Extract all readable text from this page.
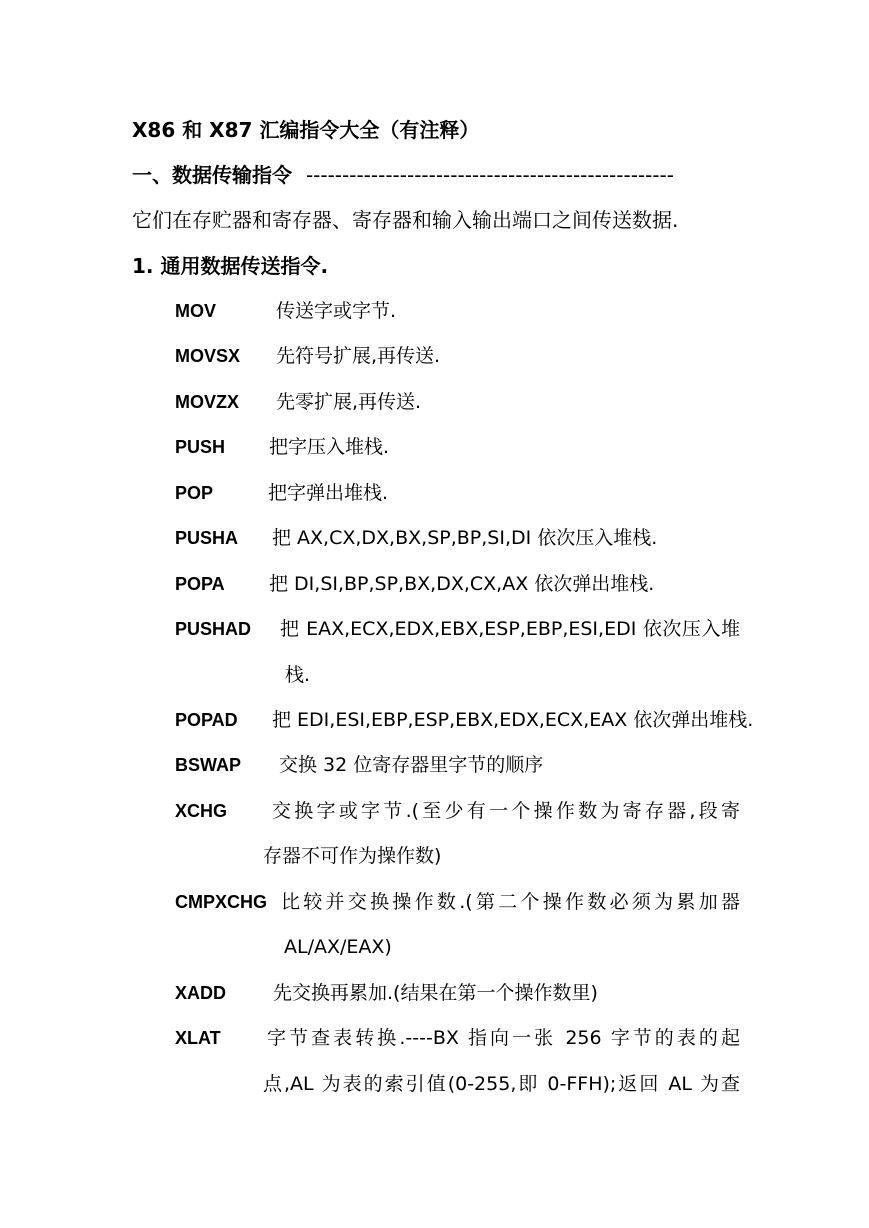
X86 和 X87 汇编指令大全（有注释）
一、数据传输指令 ---------------------------------------------------
它们在存贮器和寄存器、寄存器和输入输出端口之间传送数据.
1. 通用数据传送指令.
MOV	传送字或字节.
MOVSX 先符号扩展,再传送.
MOVZX 先零扩展,再传送.
PUSH 把字压入堆栈.
POP	把字弹出堆栈.
PUSHA 把 AX,CX,DX,BX,SP,BP,SI,DI 依次压入堆栈.
POPA 把 DI,SI,BP,SP,BX,DX,CX,AX 依次弹出堆栈.
PUSHAD 把 EAX,ECX,EDX,EBX,ESP,EBP,ESI,EDI 依次压入堆
栈.
POPAD 把 EDI,ESI,EBP,ESP,EBX,EDX,ECX,EAX 依次弹出堆栈.
BSWAP 交换 32 位寄存器里字节的顺序
XCHG 交换字或字节.(至少有一个操作数为寄存器,段寄
存器不可作为操作数)
CMPXCHG 比较并交换操作数.(第二个操作数必须为累加器
AL/AX/EAX)
XADD 先交换再累加.(结果在第一个操作数里)
XLAT 字节查表转换.----BX 指向一张 256 字节的表的起
点,AL 为表的索引值(0-255,即 0-FFH);返回 AL 为查
